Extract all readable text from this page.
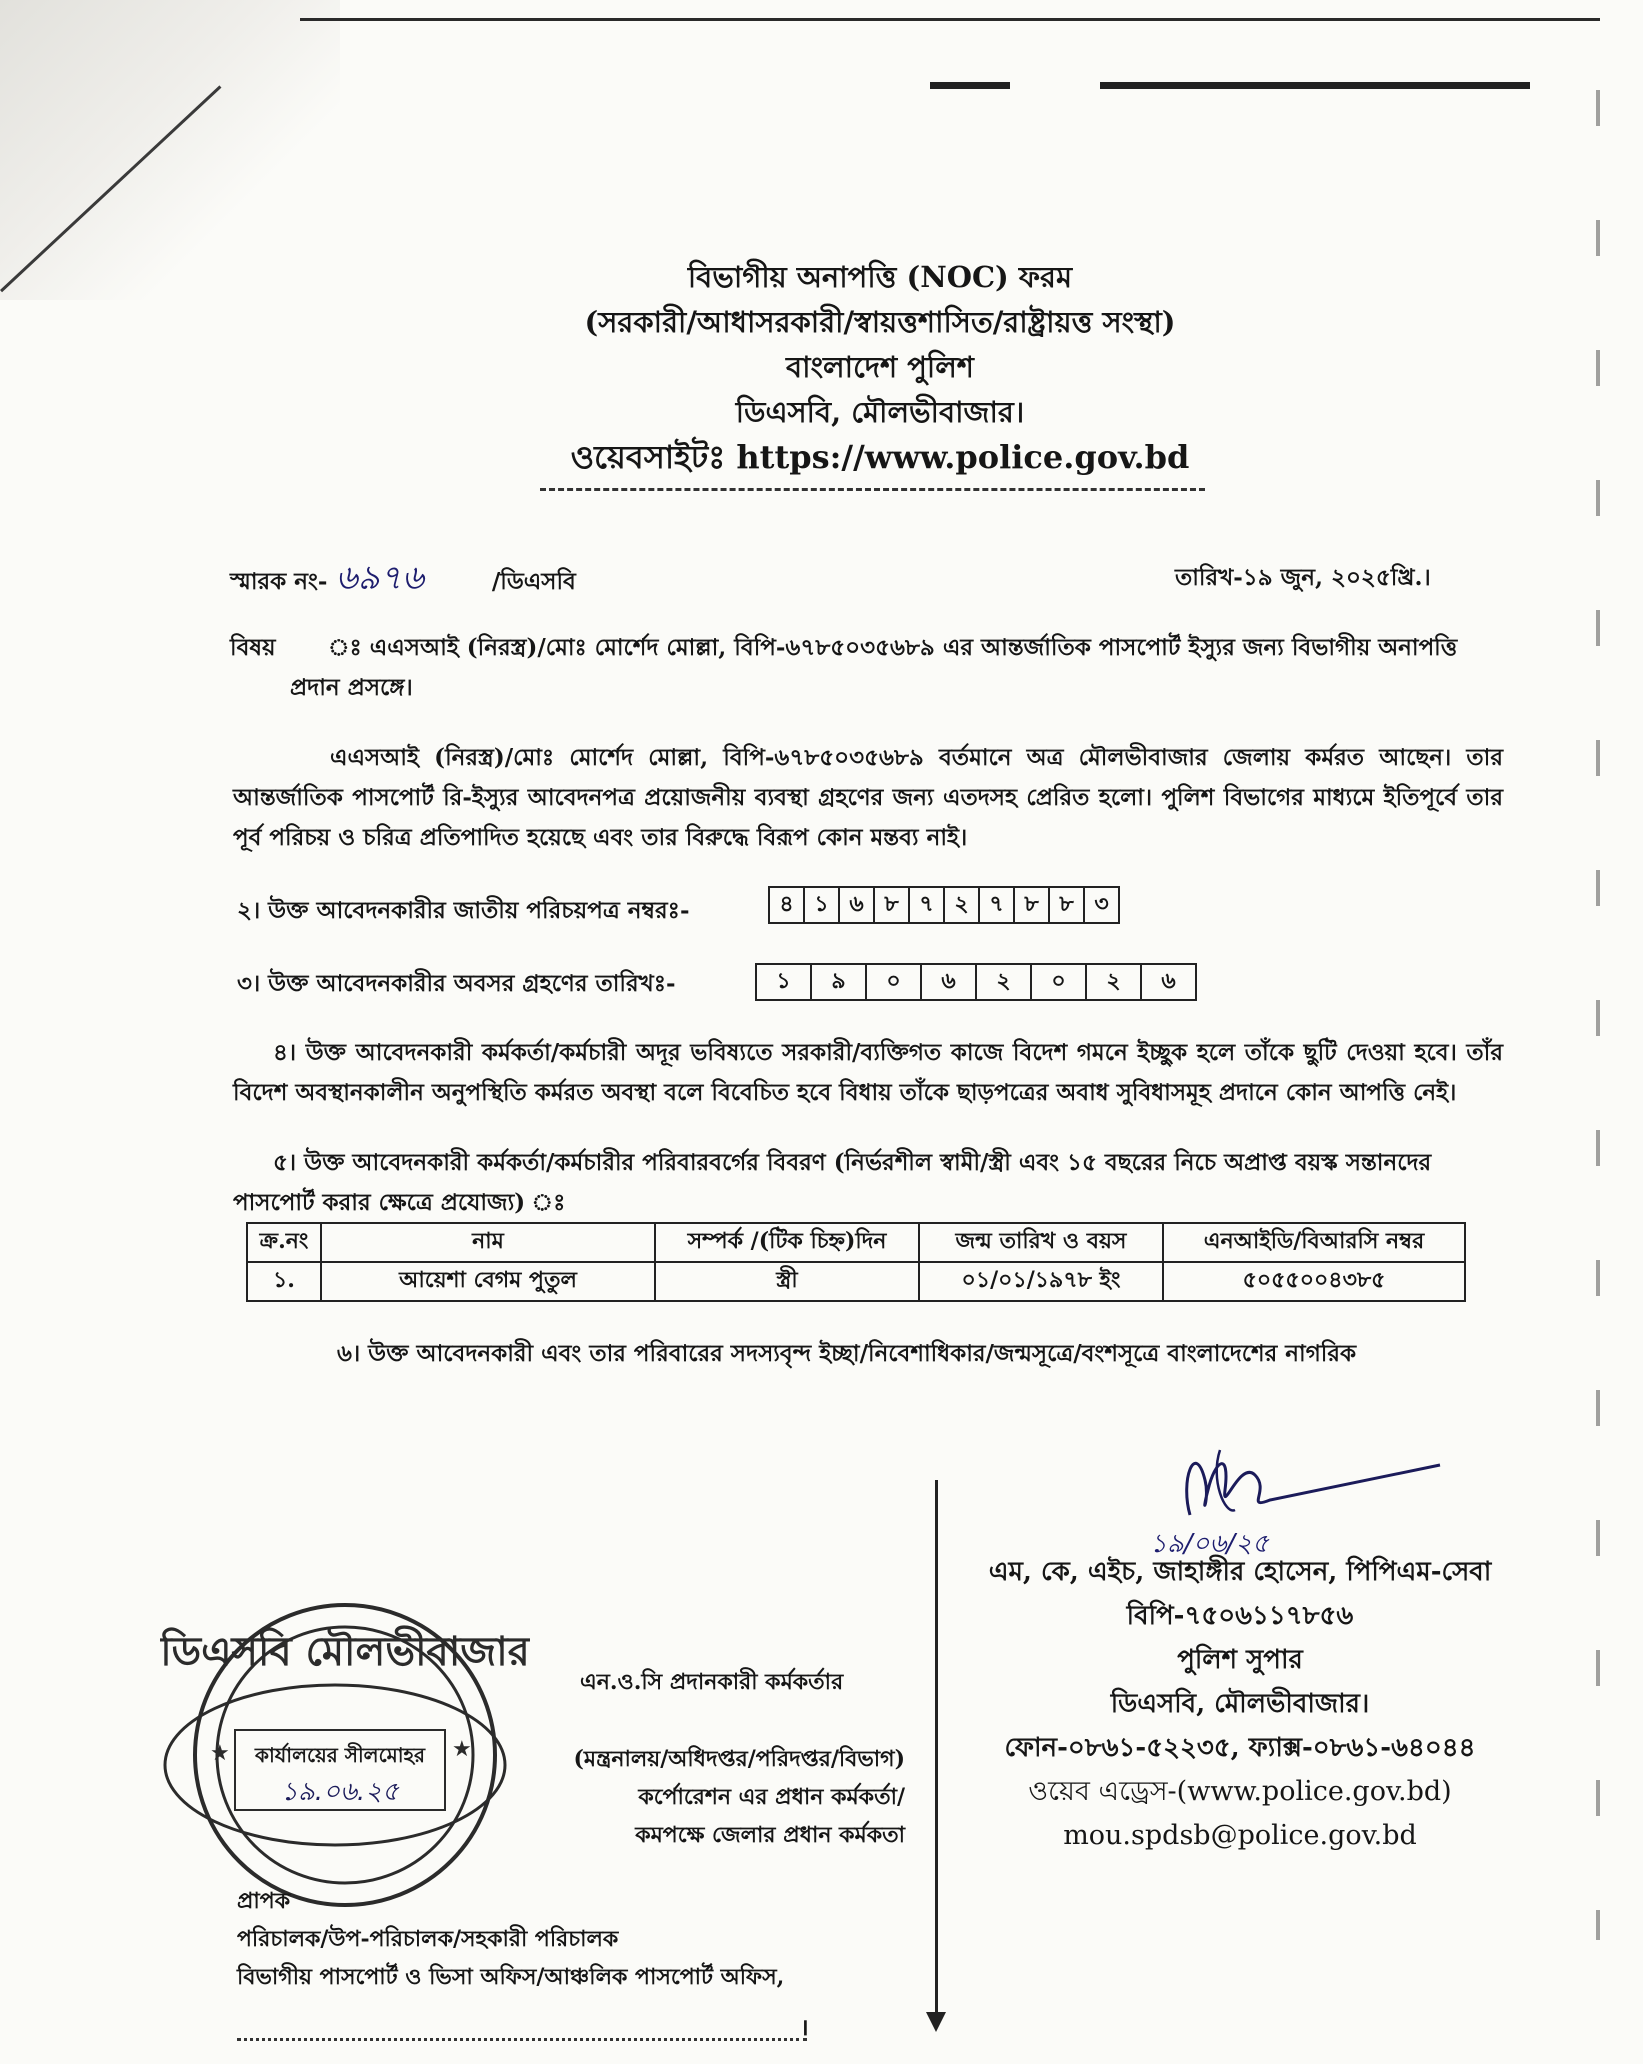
বিভাগীয় অনাপত্তি (NOC) ফরম
(সরকারী/আধাসরকারী/স্বায়ত্তশাসিত/রাষ্ট্রায়ত্ত সংস্থা)
বাংলাদেশ পুলিশ
ডিএসবি, মৌলভীবাজার।
ওয়েবসাইটঃ https://www.police.gov.bd
স্মারক নং- ৬৯৭৬	/ডিএসবি	তারিখ-১৯ জুন, ২০২৫খ্রি.।
বিষয় ঃ এএসআই (নিরস্ত্র)/মোঃ মোর্শেদ মোল্লা, বিপি-৬৭৮৫০৩৫৬৮৯ এর আন্তর্জাতিক পাসপোর্ট ইস্যুর জন্য বিভাগীয় অনাপত্তি
প্রদান প্রসঙ্গে।
এএসআই (নিরস্ত্র)/মোঃ মোর্শেদ মোল্লা, বিপি-৬৭৮৫০৩৫৬৮৯ বর্তমানে অত্র মৌলভীবাজার জেলায় কর্মরত আছেন। তার আন্তর্জাতিক পাসপোর্ট রি-ইস্যুর আবেদনপত্র প্রয়োজনীয় ব্যবস্থা গ্রহণের জন্য এতদসহ প্রেরিত হলো। পুলিশ বিভাগের মাধ্যমে ইতিপূর্বে তার পূর্ব পরিচয় ও চরিত্র প্রতিপাদিত হয়েছে এবং তার বিরুদ্ধে বিরূপ কোন মন্তব্য নাই।
২। উক্ত আবেদনকারীর জাতীয় পরিচয়পত্র নম্বরঃ-	৪ ১ ৬ ৮ ৭ ২ ৭ ৮ ৮ ৩
৩। উক্ত আবেদনকারীর অবসর গ্রহণের তারিখঃ-	১	৯	০	৬	২	০	২	৬
৪। উক্ত আবেদনকারী কর্মকর্তা/কর্মচারী অদূর ভবিষ্যতে সরকারী/ব্যক্তিগত কাজে বিদেশ গমনে ইচ্ছুক হলে তাঁকে ছুটি দেওয়া হবে। তাঁর বিদেশ অবস্থানকালীন অনুপস্থিতি কর্মরত অবস্থা বলে বিবেচিত হবে বিধায় তাঁকে ছাড়পত্রের অবাধ সুবিধাসমূহ প্রদানে কোন আপত্তি নেই।
৫। উক্ত আবেদনকারী কর্মকর্তা/কর্মচারীর পরিবারবর্গের বিবরণ (নির্ভরশীল স্বামী/স্ত্রী এবং ১৫ বছরের নিচে অপ্রাপ্ত বয়স্ক সন্তানদের
পাসপোর্ট করার ক্ষেত্রে প্রযোজ্য) ঃ
ক্র.নং	নাম	সম্পর্ক /(টিক চিহ্ন)দিন	জন্ম তারিখ ও বয়স	এনআইডি/বিআরসি নম্বর
১.	আয়েশা বেগম পুতুল	স্ত্রী	০১/০১/১৯৭৮ ইং	৫০৫৫০০৪৩৮৫
৬। উক্ত আবেদনকারী এবং তার পরিবারের সদস্যবৃন্দ ইচ্ছা/নিবেশাধিকার/জন্মসূত্রে/বংশসূত্রে বাংলাদেশের নাগরিক
১৯/০৬/২৫
এম, কে, এইচ, জাহাঙ্গীর হোসেন, পিপিএম-সেবা
বিপি-৭৫০৬১১৭৮৫৬
পুলিশ সুপার
ডিএসবি, মৌলভীবাজার।
ফোন-০৮৬১-৫২২৩৫, ফ্যাক্স-০৮৬১-৬৪০৪৪
ওয়েব এড্রেস-(www.police.gov.bd)
mou.spdsb@police.gov.bd
ডিএসবি মৌলভীবাজার
কার্যালয়ের সীলমোহর
১৯.০৬.২৫
★	★
এন.ও.সি প্রদানকারী কর্মকর্তার
(মন্ত্রনালয়/অধিদপ্তর/পরিদপ্তর/বিভাগ)
কর্পোরেশন এর প্রধান কর্মকর্তা/
কমপক্ষে জেলার প্রধান কর্মকতা
প্রাপক
পরিচালক/উপ-পরিচালক/সহকারী পরিচালক
বিভাগীয় পাসপোর্ট ও ভিসা অফিস/আঞ্চলিক পাসপোর্ট অফিস,
।
